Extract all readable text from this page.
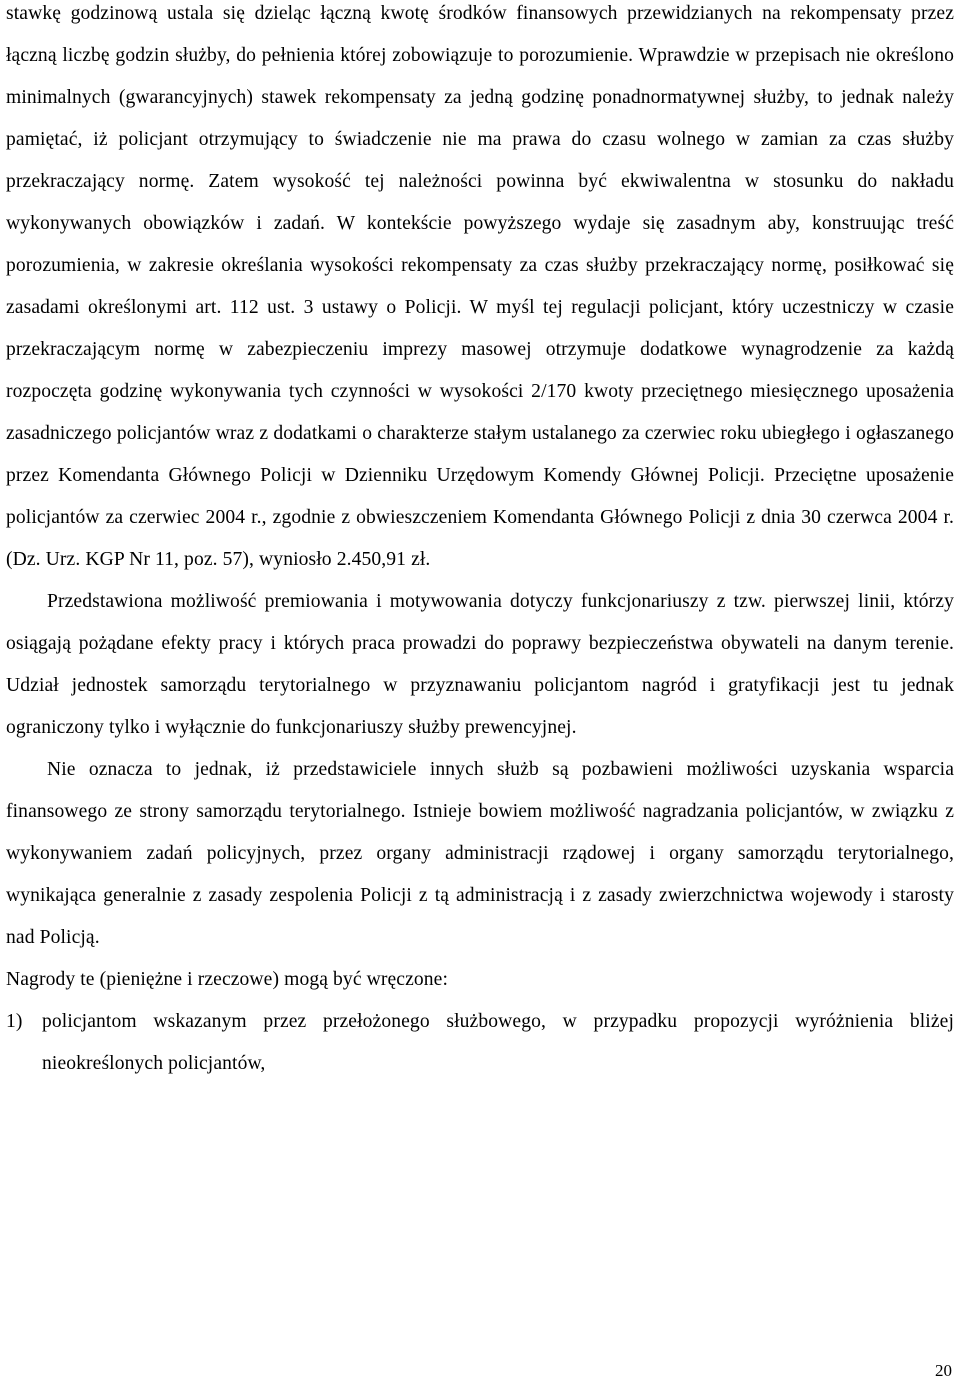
stawkę godzinową ustala się dzieląc łączną kwotę środków finansowych przewidzianych na rekompensaty przez łączną liczbę godzin służby, do pełnienia której zobowiązuje to porozumienie. Wprawdzie w przepisach nie określono minimalnych (gwarancyjnych) stawek rekompensaty za jedną godzinę ponadnormatywnej służby, to jednak należy pamiętać, iż policjant otrzymujący to świadczenie nie ma prawa do czasu wolnego w zamian za czas służby przekraczający normę. Zatem wysokość tej należności powinna być ekwiwalentna w stosunku do nakładu wykonywanych obowiązków i zadań. W kontekście powyższego wydaje się zasadnym aby, konstruując treść porozumienia, w zakresie określania wysokości rekompensaty za czas służby przekraczający normę, posiłkować się zasadami określonymi art. 112 ust. 3 ustawy o Policji. W myśl tej regulacji policjant, który uczestniczy w czasie przekraczającym normę w zabezpieczeniu imprezy masowej otrzymuje dodatkowe wynagrodzenie za każdą rozpoczęta godzinę wykonywania tych czynności w wysokości 2/170 kwoty przeciętnego miesięcznego uposażenia zasadniczego policjantów wraz z dodatkami o charakterze stałym ustalanego za czerwiec roku ubiegłego i ogłaszanego przez Komendanta Głównego Policji w Dzienniku Urzędowym Komendy Głównej Policji. Przeciętne uposażenie policjantów za czerwiec 2004 r., zgodnie z obwieszczeniem Komendanta Głównego Policji z dnia 30 czerwca 2004 r. (Dz. Urz. KGP Nr 11, poz. 57), wyniosło 2.450,91 zł.

Przedstawiona możliwość premiowania i motywowania dotyczy funkcjonariuszy z tzw. pierwszej linii, którzy osiągają pożądane efekty pracy i których praca prowadzi do poprawy bezpieczeństwa obywateli na danym terenie. Udział jednostek samorządu terytorialnego w przyznawaniu policjantom nagród i gratyfikacji jest tu jednak ograniczony tylko i wyłącznie do funkcjonariuszy służby prewencyjnej.

Nie oznacza to jednak, iż przedstawiciele innych służb są pozbawieni możliwości uzyskania wsparcia finansowego ze strony samorządu terytorialnego. Istnieje bowiem możliwość nagradzania policjantów, w związku z wykonywaniem zadań policyjnych, przez organy administracji rządowej i organy samorządu terytorialnego, wynikająca generalnie z zasady zespolenia Policji z tą administracją i z zasady zwierzchnictwa wojewody i starosty nad Policją.

Nagrody te (pieniężne i rzeczowe) mogą być wręczone:

1) policjantom wskazanym przez przełożonego służbowego, w przypadku propozycji wyróżnienia bliżej nieokreślonych policjantów,
20
